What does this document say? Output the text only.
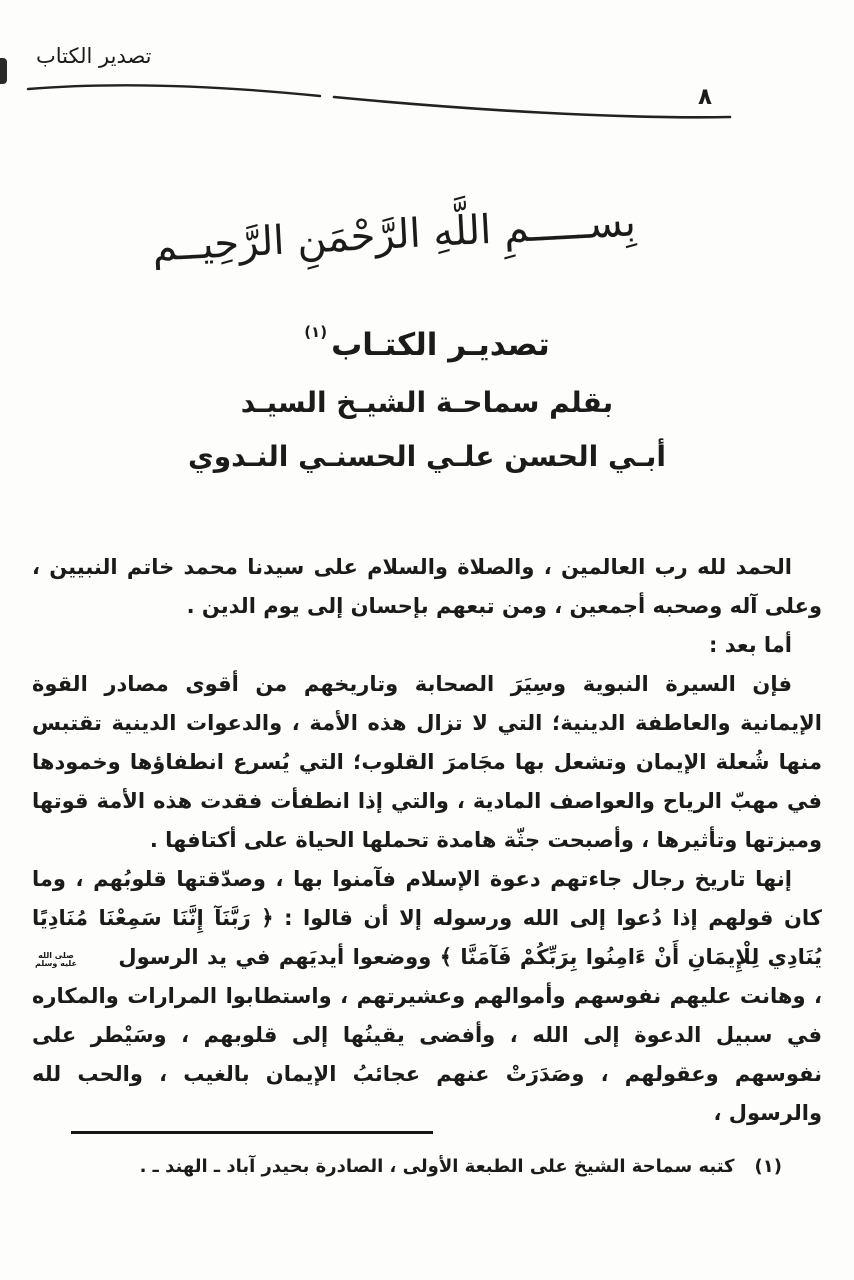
تصدير الكتاب
٨
بِســـــمِ اللَّهِ الرَّحْمَنِ الرَّحِيــم
تصديـر الكتـاب$^{(١)}$
بقلم سماحـة الشيـخ السيـد
أبـي الحسن علـي الحسنـي النـدوي

الحمد لله رب العالمين ، والصلاة والسلام على سيدنا محمد خاتم النبيين ، وعلى آله وصحبه أجمعين ، ومن تبعهم بإحسان إلى يوم الدين .

أما بعد :

فإن السيرة النبوية وسِيَرَ الصحابة وتاريخهم من أقوى مصادر القوة الإيمانية والعاطفة الدينية؛ التي لا تزال هذه الأمة ، والدعوات الدينية تقتبس منها شُعلة الإيمان وتشعل بها مجَامرَ القلوب؛ التي يُسرع انطفاؤها وخمودها في مهبّ الرياح والعواصف المادية ، والتي إذا انطفأت فقدت هذه الأمة قوتها وميزتها وتأثيرها ، وأصبحت جثّة هامدة تحملها الحياة على أكتافها .

إنها تاريخ رجال جاءتهم دعوة الإسلام فآمنوا بها ، وصدّقتها قلوبُهم ، وما كان قولهم إذا دُعوا إلى الله ورسوله إلا أن قالوا : ﴿ رَبَّنَآ إِنَّنَا سَمِعْنَا مُنَادِيًا يُنَادِي لِلْإِيمَانِ أَنْ ءَامِنُوا بِرَبِّكُمْ فَآمَنَّا ﴾ ووضعوا أيديَهم في يد الرسول
صلى الله
عليه وسلم
، وهانت عليهم نفوسهم وأموالهم وعشيرتهم ، واستطابوا المرارات والمكاره في سبيل الدعوة إلى الله ، وأفضى يقينُها إلى قلوبهم ، وسَيْطر على نفوسهم وعقولهم ، وصَدَرَتْ عنهم عجائبُ الإيمان بالغيب ، والحب لله والرسول ،

(١)كتبه سماحة الشيخ على الطبعة الأولى ، الصادرة بحيدر آباد ـ الهند ـ .
